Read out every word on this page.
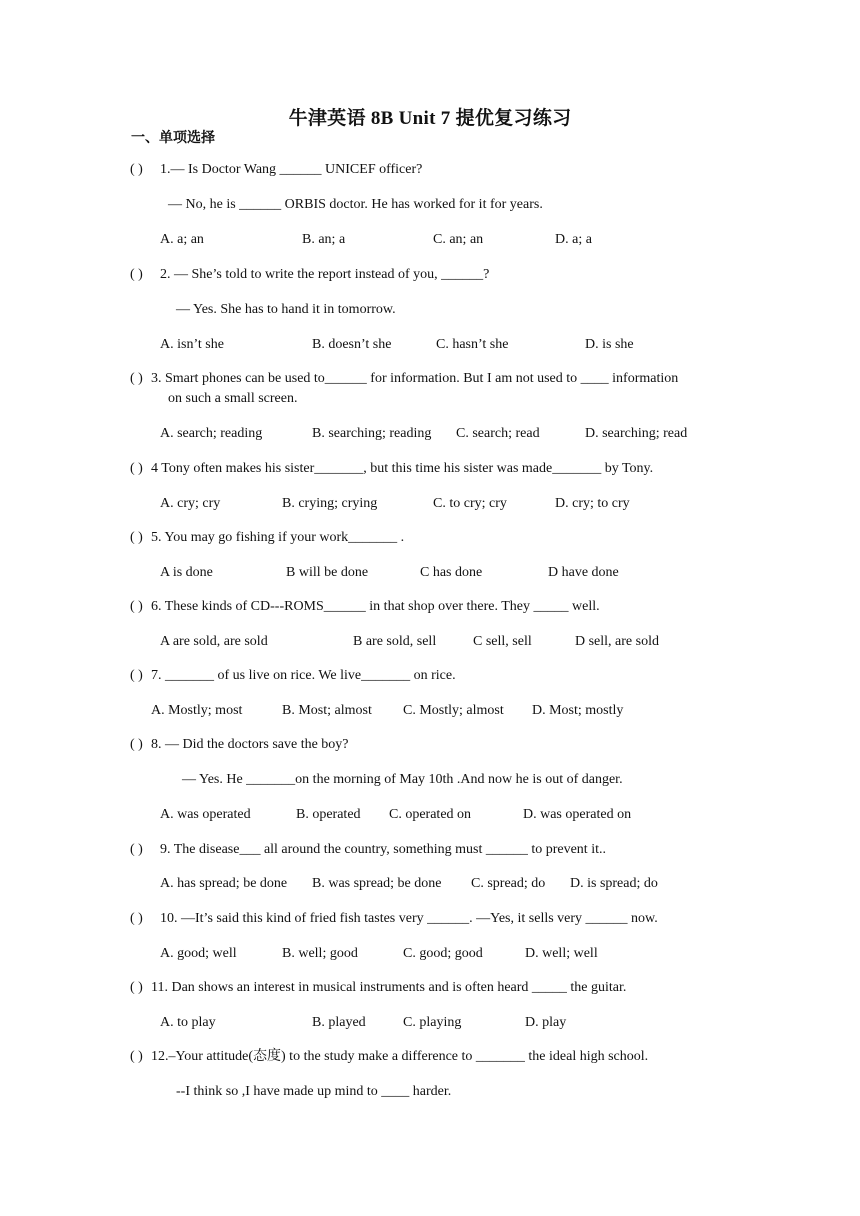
牛津英语 8B Unit 7 提优复习练习
一、单项选择
( ) 1.— Is Doctor Wang ______ UNICEF officer?
— No, he is ______ ORBIS doctor. He has worked for it for years.
A. a; an	B. an; a	C. an; an	D. a; a
( ) 2. — She’s told to write the report instead of you, ______?
— Yes. She has to hand it in tomorrow.
A. isn’t she	B. doesn’t she	C. hasn’t she	D. is she
( ) 3. Smart phones can be used to______ for information. But I am not used to ____ information
on such a small screen.
A. search; reading	B. searching; reading C. search; read	D. searching; read
( ) 4 Tony often makes his sister_______, but this time his sister was made_______ by Tony.
A. cry; cry	B. crying; crying	C. to cry; cry	D. cry; to cry
( ) 5. You may go fishing if your work_______ .
A is done	B will be done	C has done	D have done
( ) 6. These kinds of CD---ROMS______ in that shop over there. They _____ well.
A are sold, are sold	B are sold, sell	C sell, sell	D sell, are sold
( ) 7. _______ of us live on rice. We live_______ on rice.
A. Mostly; most	B. Most; almost C. Mostly; almost D. Most; mostly
( ) 8. — Did the doctors save the boy?
— Yes. He _______on the morning of May 10th .And now he is out of danger.
A. was operated	B. operated C. operated on	D. was operated on
( ) 9. The disease___ all around the country, something must ______ to prevent it..
A. has spread; be done B. was spread; be done C. spread; do D. is spread; do
( ) 10. —It’s said this kind of fried fish tastes very ______. —Yes, it sells very ______ now.
A. good; well	B. well; good	C. good; good	D. well; well
( ) 11. Dan shows an interest in musical instruments and is often heard _____ the guitar.
A. to play	B. played	C. playing	D. play
( ) 12.–Your attitude(态度) to the study make a difference to _______ the ideal high school.
--I think so ,I have made up mind to ____ harder.
